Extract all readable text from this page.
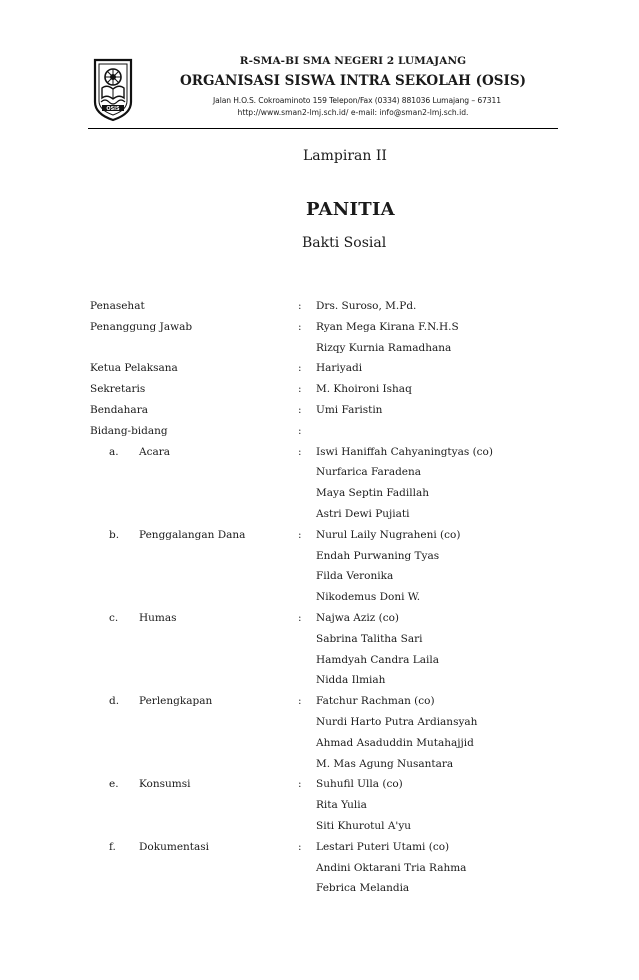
OSIS
R-SMA-BI SMA NEGERI 2 LUMAJANG
ORGANISASI SISWA INTRA SEKOLAH (OSIS)
Jalan H.O.S. Cokroaminoto 159 Telepon/Fax (0334) 881036 Lumajang – 67311
http://www.sman2-lmj.sch.id/ e-mail: info@sman2-lmj.sch.id.
Lampiran II
PANITIA
Bakti Sosial
Penasehat	: Drs. Suroso, M.Pd.
Penanggung Jawab	: Ryan Mega Kirana F.N.H.S
Rizqy Kurnia Ramadhana
Ketua Pelaksana	: Hariyadi
Sekretaris	: M. Khoironi Ishaq
Bendahara	: Umi Faristin
Bidang-bidang	:
a. Acara	: Iswi Haniffah Cahyaningtyas (co)
Nurfarica Faradena
Maya Septin Fadillah
Astri Dewi Pujiati
b. Penggalangan Dana	: Nurul Laily Nugraheni (co)
Endah Purwaning Tyas
Filda Veronika
Nikodemus Doni W.
c. Humas	: Najwa Aziz (co)
Sabrina Talitha Sari
Hamdyah Candra Laila
Nidda Ilmiah
d. Perlengkapan	: Fatchur Rachman (co)
Nurdi Harto Putra Ardiansyah
Ahmad Asaduddin Mutahajjid
M. Mas Agung Nusantara
e. Konsumsi	: Suhufil Ulla (co)
Rita Yulia
Siti Khurotul A'yu
f. Dokumentasi	: Lestari Puteri Utami (co)
Andini Oktarani Tria Rahma
Febrica Melandia
